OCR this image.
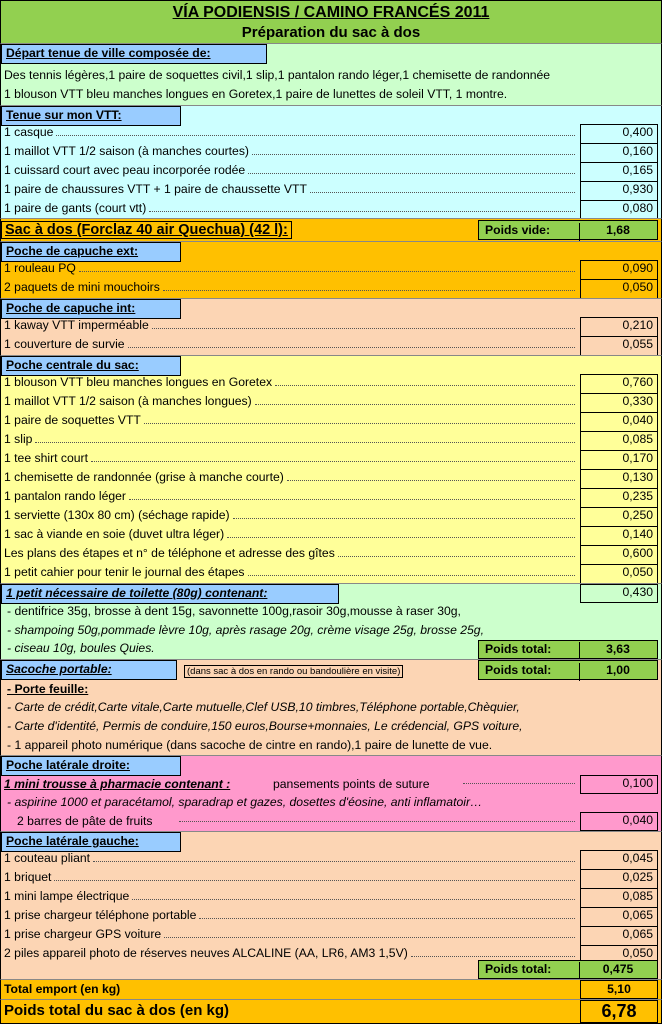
VÍA PODIENSIS / CAMINO FRANCÉS 2011
Préparation du sac à dos
Départ tenue de ville composée de:
Des tennis légères,1 paire de soquettes civil,1 slip,1 pantalon rando léger,1 chemisette de randonnée
1 blouson VTT bleu manches longues en Goretex,1 paire de lunettes de soleil VTT, 1 montre.
Tenue sur mon VTT:
1 casque	0,400
1 maillot VTT 1/2 saison (à manches courtes)	0,160
1 cuissard court avec peau incorporée rodée	0,165
1 paire de chaussures VTT + 1 paire de chaussette VTT	0,930
1 paire de gants (court vtt)	0,080
Sac à dos (Forclaz 40 air Quechua) (42 l):	Poids vide:	1,68
Poche de capuche ext:
1 rouleau PQ	0,090
2 paquets de mini mouchoirs	0,050
Poche de capuche int:
1 kaway VTT imperméable	0,210
1 couverture de survie	0,055
Poche centrale du sac:
1 blouson VTT bleu manches longues en Goretex	0,760
1 maillot VTT 1/2 saison (à manches longues)	0,330
1 paire de soquettes VTT	0,040
1 slip	0,085
1 tee shirt court	0,170
1 chemisette de randonnée (grise à manche courte)	0,130
1 pantalon rando léger	0,235
1 serviette (130x 80 cm) (séchage rapide)	0,250
1 sac à viande en soie (duvet ultra léger)	0,140
Les plans des étapes et n° de téléphone et adresse des gîtes	0,600
1 petit cahier pour tenir le journal des étapes	0,050
1 petit nécessaire de toilette (80g) contenant:	0,430
- dentifrice 35g, brosse à dent 15g, savonnette 100g,rasoir 30g,mousse à raser 30g,
- shampoing 50g,pommade lèvre 10g, après rasage 20g, crème visage 25g, brosse 25g,
- ciseau 10g, boules Quies.	Poids total:	3,63
Sacoche portable:	(dans sac à dos en rando ou bandoulière en visite)	Poids total:	1,00
- Porte feuille:
- Carte de crédit,Carte vitale,Carte mutuelle,Clef USB,10 timbres,Téléphone portable,Chèquier,
- Carte d'identité, Permis de conduire,150 euros,Bourse+monnaies, Le crédencial, GPS voiture,
- 1 appareil photo numérique (dans sacoche de cintre en rando),1 paire de lunette de vue.
Poche latérale droite:
1 mini trousse à pharmacie contenant :	pansements points de suture	0,100
- aspirine 1000 et paracétamol, sparadrap et gazes, dosettes d'éosine, anti inflamatoir…
2 barres de pâte de fruits	0,040
Poche latérale gauche:
1 couteau pliant	0,045
1 briquet	0,025
1 mini lampe électrique	0,085
1 prise chargeur téléphone portable	0,065
1 prise chargeur GPS voiture	0,065
2 piles appareil photo de réserves neuves ALCALINE (AA, LR6, AM3 1,5V)	0,050
Poids total:	0,475
Total emport (en kg)	5,10
Poids total du sac à dos (en kg)	6,78
